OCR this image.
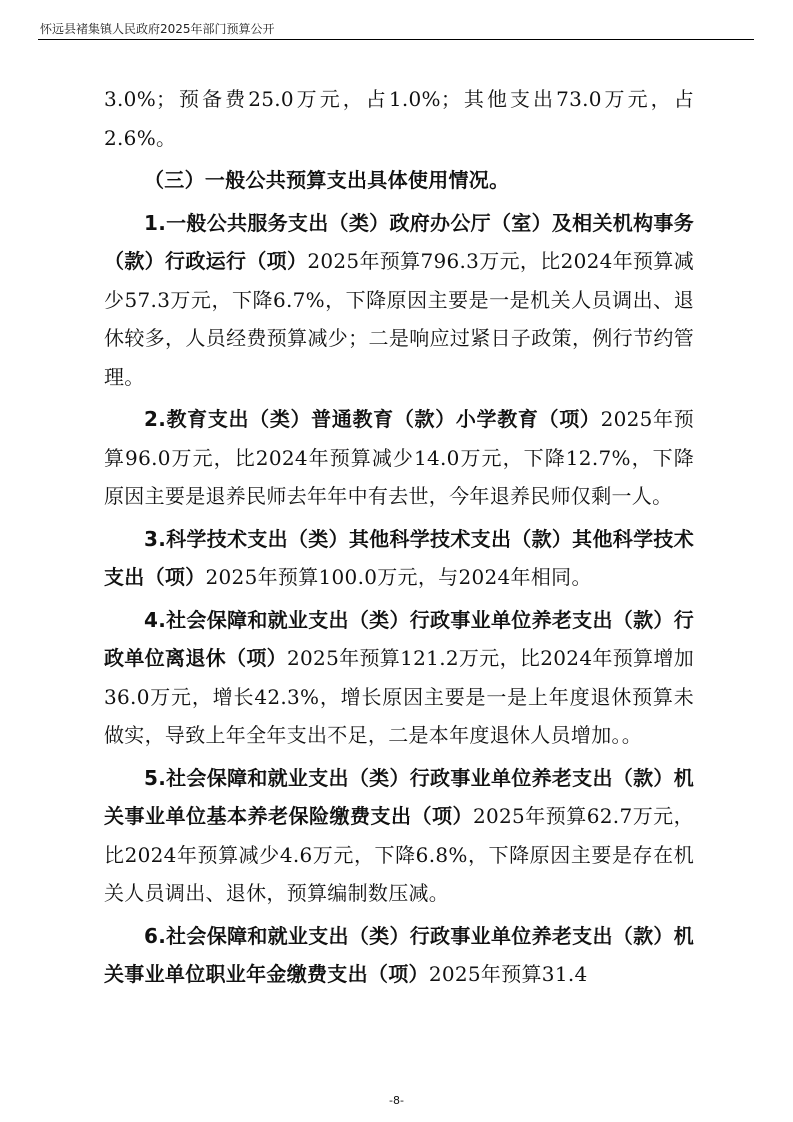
怀远县褚集镇人民政府2025年部门预算公开

3.0%；预备费25.0万元，占1.0%；其他支出73.0万元，占2.6%。

（三）一般公共预算支出具体使用情况。

1.一般公共服务支出（类）政府办公厅（室）及相关机构事务（款）行政运行（项）2025年预算796.3万元，比2024年预算减少57.3万元，下降6.7%，下降原因主要是一是机关人员调出、退休较多，人员经费预算减少；二是响应过紧日子政策，例行节约管理。

2.教育支出（类）普通教育（款）小学教育（项）2025年预算96.0万元，比2024年预算减少14.0万元，下降12.7%，下降原因主要是退养民师去年年中有去世，今年退养民师仅剩一人。

3.科学技术支出（类）其他科学技术支出（款）其他科学技术支出（项）2025年预算100.0万元，与2024年相同。

4.社会保障和就业支出（类）行政事业单位养老支出（款）行政单位离退休（项）2025年预算121.2万元，比2024年预算增加36.0万元，增长42.3%，增长原因主要是一是上年度退休预算未做实，导致上年全年支出不足，二是本年度退休人员增加。。

5.社会保障和就业支出（类）行政事业单位养老支出（款）机关事业单位基本养老保险缴费支出（项）2025年预算62.7万元，比2024年预算减少4.6万元，下降6.8%，下降原因主要是存在机关人员调出、退休，预算编制数压减。

6.社会保障和就业支出（类）行政事业单位养老支出（款）机关事业单位职业年金缴费支出（项）2025年预算31.4

-8-
